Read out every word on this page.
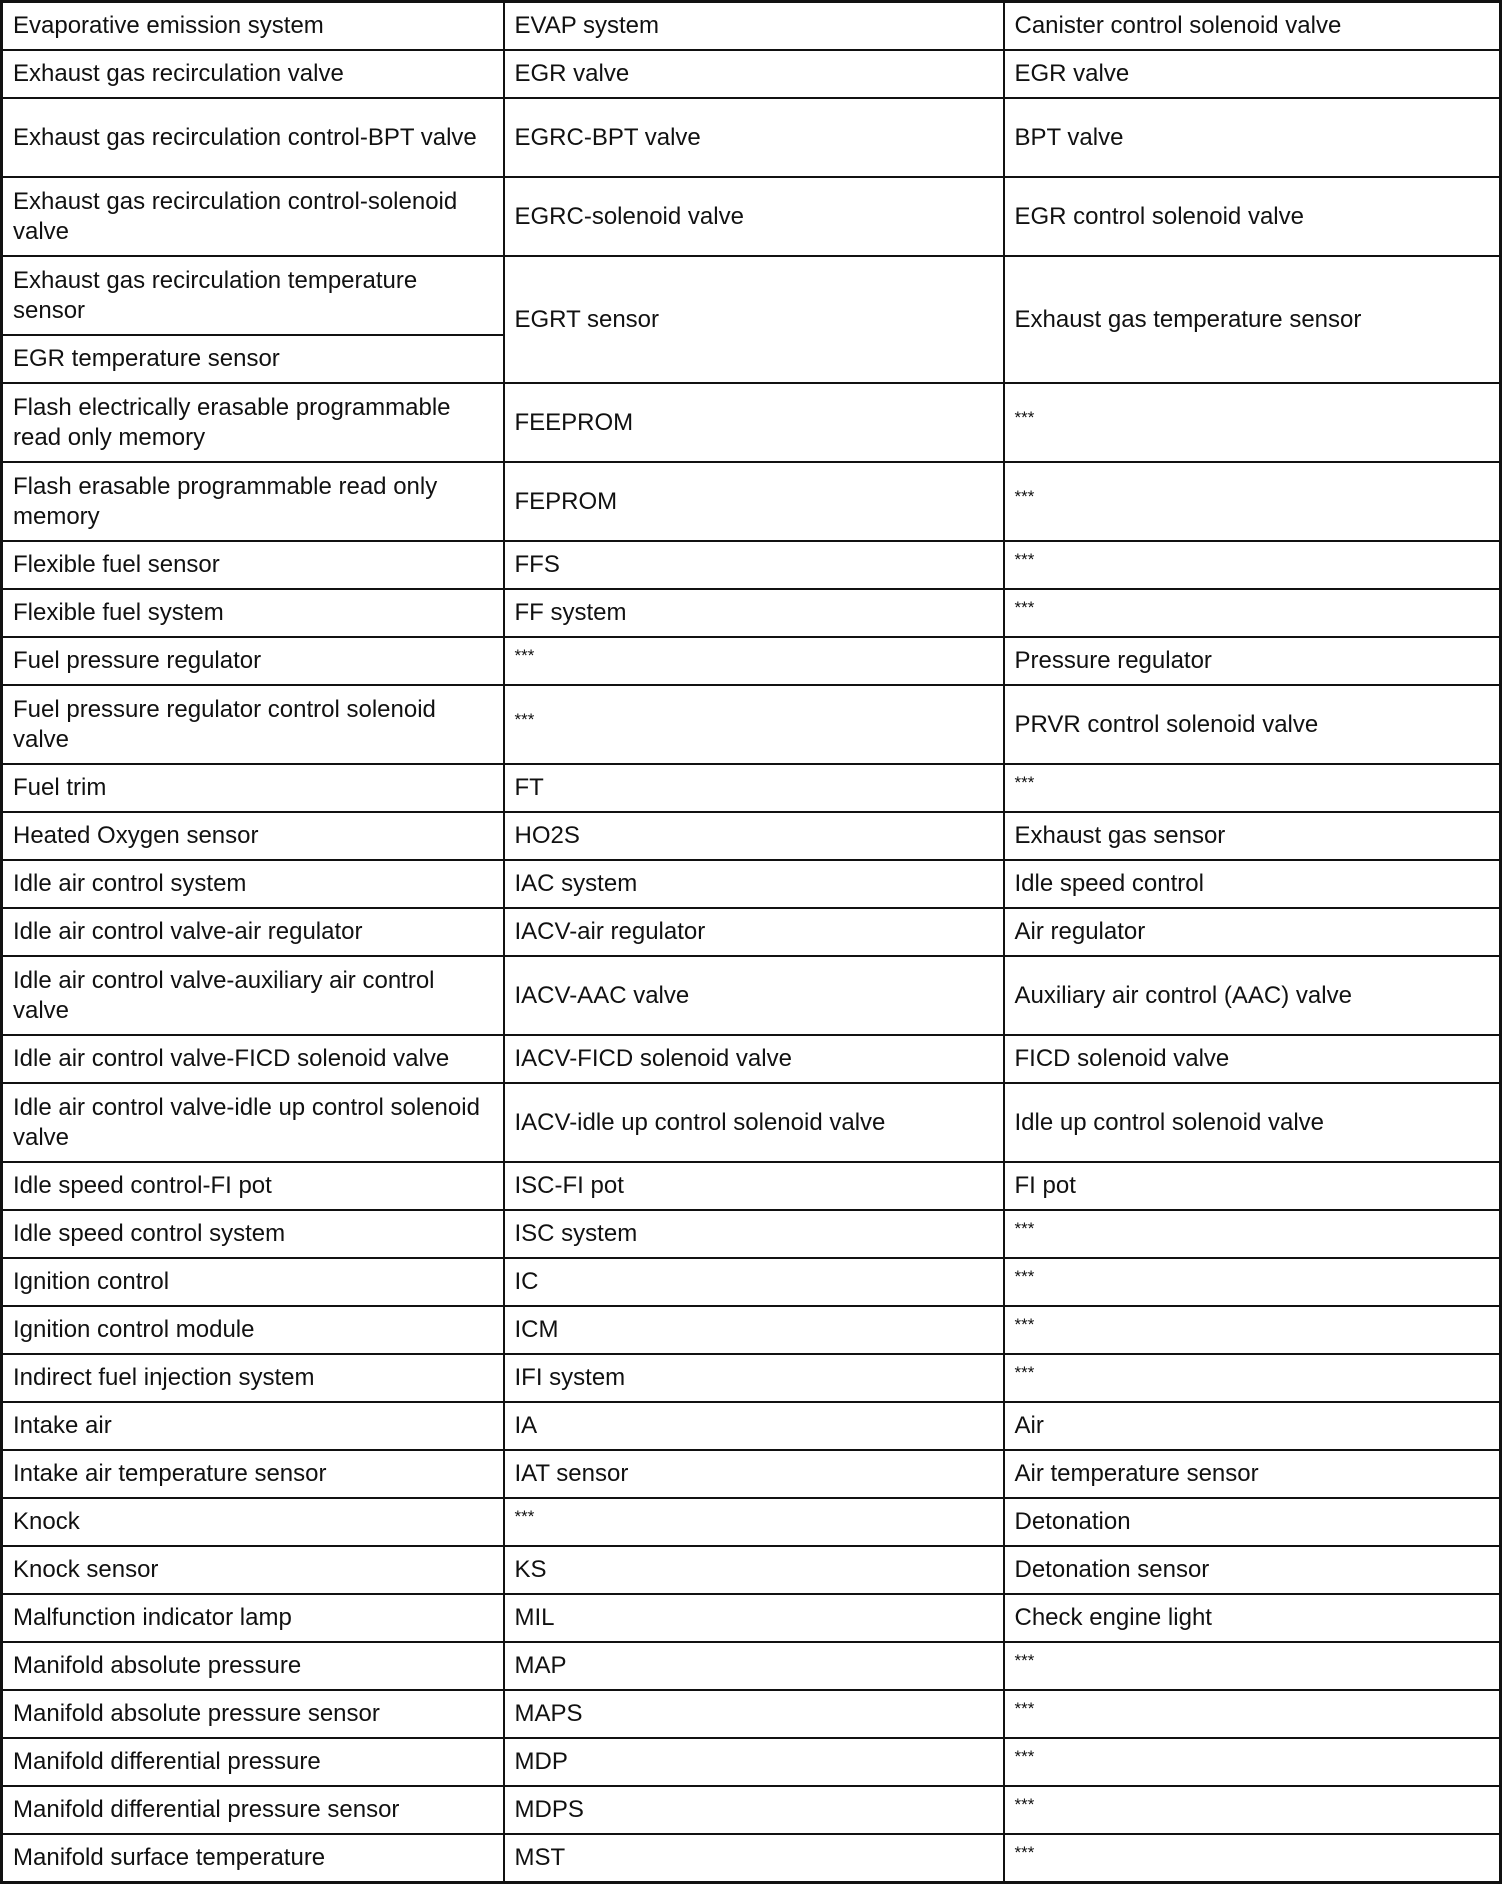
Evaporative emission system	EVAP system	Canister control solenoid valve
Exhaust gas recirculation valve	EGR valve	EGR valve
Exhaust gas recirculation control-BPT valve	EGRC-BPT valve	BPT valve
Exhaust gas recirculation control-solenoid valve	EGRC-solenoid valve	EGR control solenoid valve
Exhaust gas recirculation temperature sensor	EGRT sensor	Exhaust gas temperature sensor
EGR temperature sensor		
Flash electrically erasable programmable read only memory	FEEPROM	***
Flash erasable programmable read only memory	FEPROM	***
Flexible fuel sensor	FFS	***
Flexible fuel system	FF system	***
Fuel pressure regulator	***	Pressure regulator
Fuel pressure regulator control solenoid valve	***	PRVR control solenoid valve
Fuel trim	FT	***
Heated Oxygen sensor	HO2S	Exhaust gas sensor
Idle air control system	IAC system	Idle speed control
Idle air control valve-air regulator	IACV-air regulator	Air regulator
Idle air control valve-auxiliary air control valve	IACV-AAC valve	Auxiliary air control (AAC) valve
Idle air control valve-FICD solenoid valve	IACV-FICD solenoid valve	FICD solenoid valve
Idle air control valve-idle up control solenoid valve	IACV-idle up control solenoid valve	Idle up control solenoid valve
Idle speed control-FI pot	ISC-FI pot	FI pot
Idle speed control system	ISC system	***
Ignition control	IC	***
Ignition control module	ICM	***
Indirect fuel injection system	IFI system	***
Intake air	IA	Air
Intake air temperature sensor	IAT sensor	Air temperature sensor
Knock	***	Detonation
Knock sensor	KS	Detonation sensor
Malfunction indicator lamp	MIL	Check engine light
Manifold absolute pressure	MAP	***
Manifold absolute pressure sensor	MAPS	***
Manifold differential pressure	MDP	***
Manifold differential pressure sensor	MDPS	***
Manifold surface temperature	MST	***
